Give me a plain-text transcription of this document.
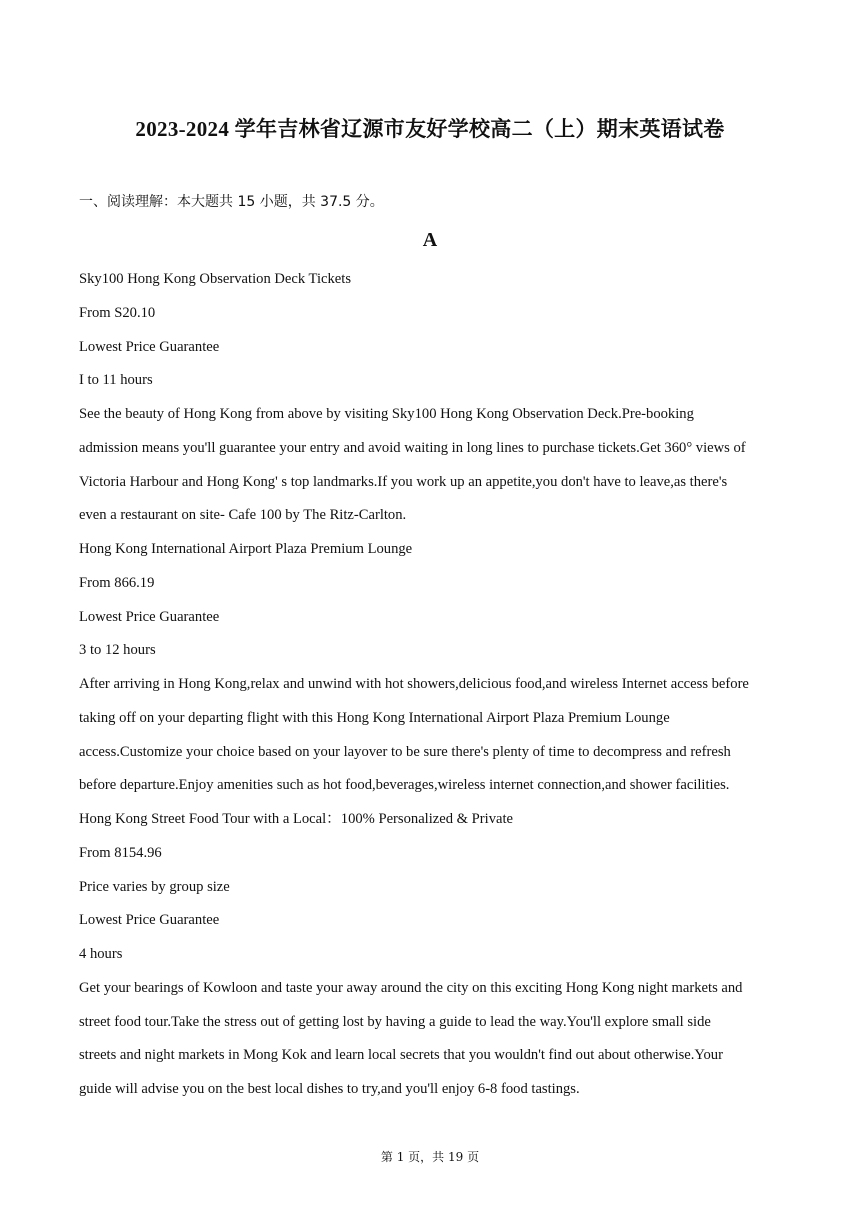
2023-2024 学年吉林省辽源市友好学校高二（上）期末英语试卷
一、阅读理解：本大题共 15 小题，共 37.5 分。
A
Sky100 Hong Kong Observation Deck Tickets
From S20.10
Lowest Price Guarantee
I to 11 hours
See the beauty of Hong Kong from above by visiting Sky100 Hong Kong Observation Deck.Pre-booking
admission means you'll guarantee your entry and avoid waiting in long lines to purchase tickets.Get 360° views of
Victoria Harbour and Hong Kong' s top landmarks.If you work up an appetite,you don't have to leave,as there's
even a restaurant on site- Cafe 100 by The Ritz-Carlton.
Hong Kong International Airport Plaza Premium Lounge
From 866.19
Lowest Price Guarantee
3 to 12 hours
After arriving in Hong Kong,relax and unwind with hot showers,delicious food,and wireless Internet access before
taking off on your departing flight with this Hong Kong International Airport Plaza Premium Lounge
access.Customize your choice based on your layover to be sure there's plenty of time to decompress and refresh
before departure.Enjoy amenities such as hot food,beverages,wireless internet connection,and shower facilities.
Hong Kong Street Food Tour with a Local：100% Personalized & Private
From 8154.96
Price varies by group size
Lowest Price Guarantee
4 hours
Get your bearings of Kowloon and taste your away around the city on this exciting Hong Kong night markets and
street food tour.Take the stress out of getting lost by having a guide to lead the way.You'll explore small side
streets and night markets in Mong Kok and learn local secrets that you wouldn't find out about otherwise.Your
guide will advise you on the best local dishes to try,and you'll enjoy 6-8 food tastings.
第 1 页，共 19 页
